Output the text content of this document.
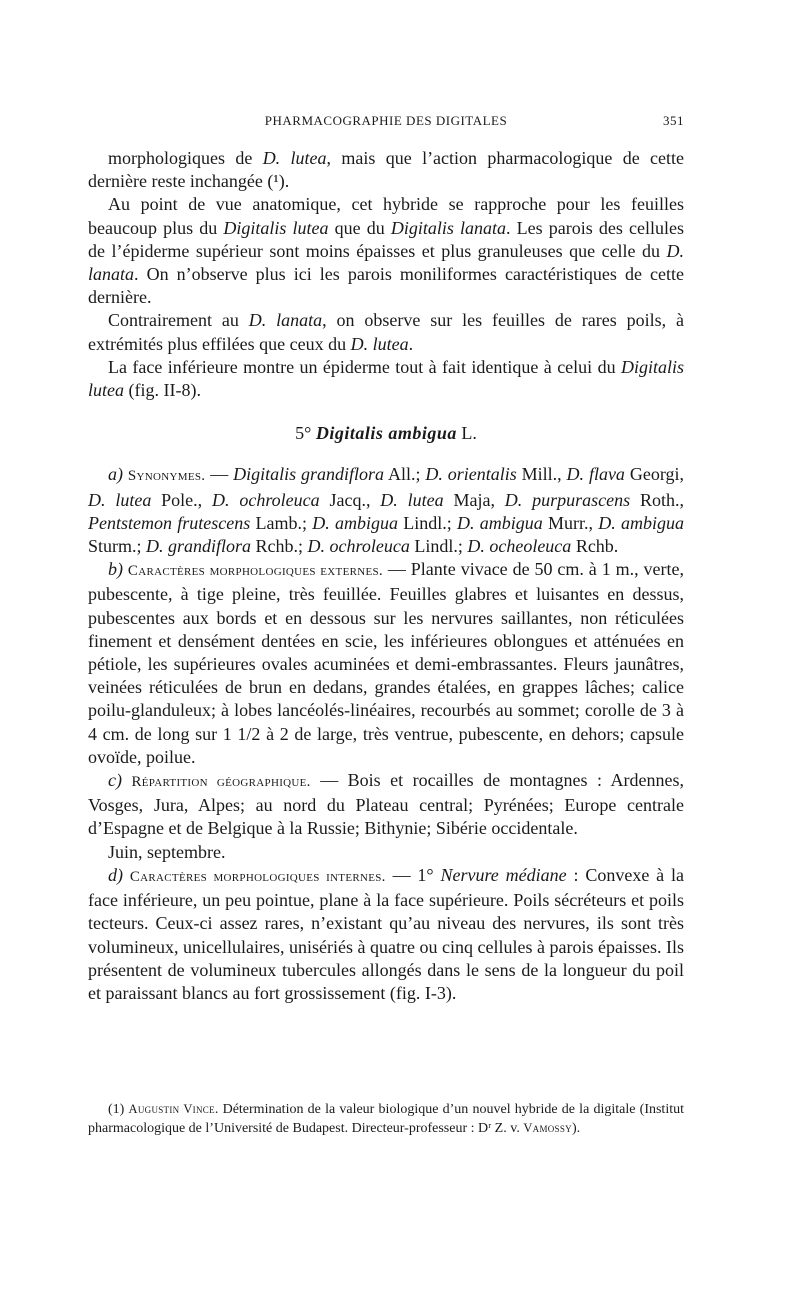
PHARMACOGRAPHIE DES DIGITALES	351

morphologiques de D. lutea, mais que l’action pharmacologique de cette dernière reste inchangée (¹).

Au point de vue anatomique, cet hybride se rapproche pour les feuilles beaucoup plus du Digitalis lutea que du Digitalis lanata. Les parois des cellules de l’épiderme supérieur sont moins épaisses et plus granuleuses que celle du D. lanata. On n’observe plus ici les parois moniliformes caractéristiques de cette dernière.

Contrairement au D. lanata, on observe sur les feuilles de rares poils, à extrémités plus effilées que ceux du D. lutea.

La face inférieure montre un épiderme tout à fait identique à celui du Digitalis lutea (fig. II-8).

5° Digitalis ambigua L.

a) Synonymes. — Digitalis grandiflora All.; D. orientalis Mill., D. flava Georgi, D. lutea Pole., D. ochroleuca Jacq., D. lutea Maja, D. purpurascens Roth., Pentstemon frutescens Lamb.; D. ambigua Lindl.; D. ambigua Murr., D. ambigua Sturm.; D. grandiflora Rchb.; D. ochroleuca Lindl.; D. ocheoleuca Rchb.

b) Caractères morphologiques externes. — Plante vivace de 50 cm. à 1 m., verte, pubescente, à tige pleine, très feuillée. Feuilles glabres et luisantes en dessus, pubescentes aux bords et en dessous sur les nervures saillantes, non réticulées finement et densément dentées en scie, les inférieures oblongues et atténuées en pétiole, les supérieures ovales acuminées et demi-embrassantes. Fleurs jaunâtres, veinées réticulées de brun en dedans, grandes étalées, en grappes lâches; calice poilu-glanduleux; à lobes lancéolés-linéaires, recourbés au sommet; corolle de 3 à 4 cm. de long sur 1 1/2 à 2 de large, très ventrue, pubescente, en dehors; capsule ovoïde, poilue.

c) Répartition géographique. — Bois et rocailles de montagnes : Ardennes, Vosges, Jura, Alpes; au nord du Plateau central; Pyrénées; Europe centrale d’Espagne et de Belgique à la Russie; Bithynie; Sibérie occidentale.

Juin, septembre.

d) Caractères morphologiques internes. — 1° Nervure médiane : Convexe à la face inférieure, un peu pointue, plane à la face supérieure. Poils sécréteurs et poils tecteurs. Ceux-ci assez rares, n’existant qu’au niveau des nervures, ils sont très volumineux, unicellulaires, unisériés à quatre ou cinq cellules à parois épaisses. Ils présentent de volumineux tubercules allongés dans le sens de la longueur du poil et paraissant blancs au fort grossissement (fig. I-3).

(1) Augustin Vince. Détermination de la valeur biologique d’un nouvel hybride de la digitale (Institut pharmacologique de l’Université de Budapest. Directeur-professeur : Dʳ Z. v. Vamossy).
